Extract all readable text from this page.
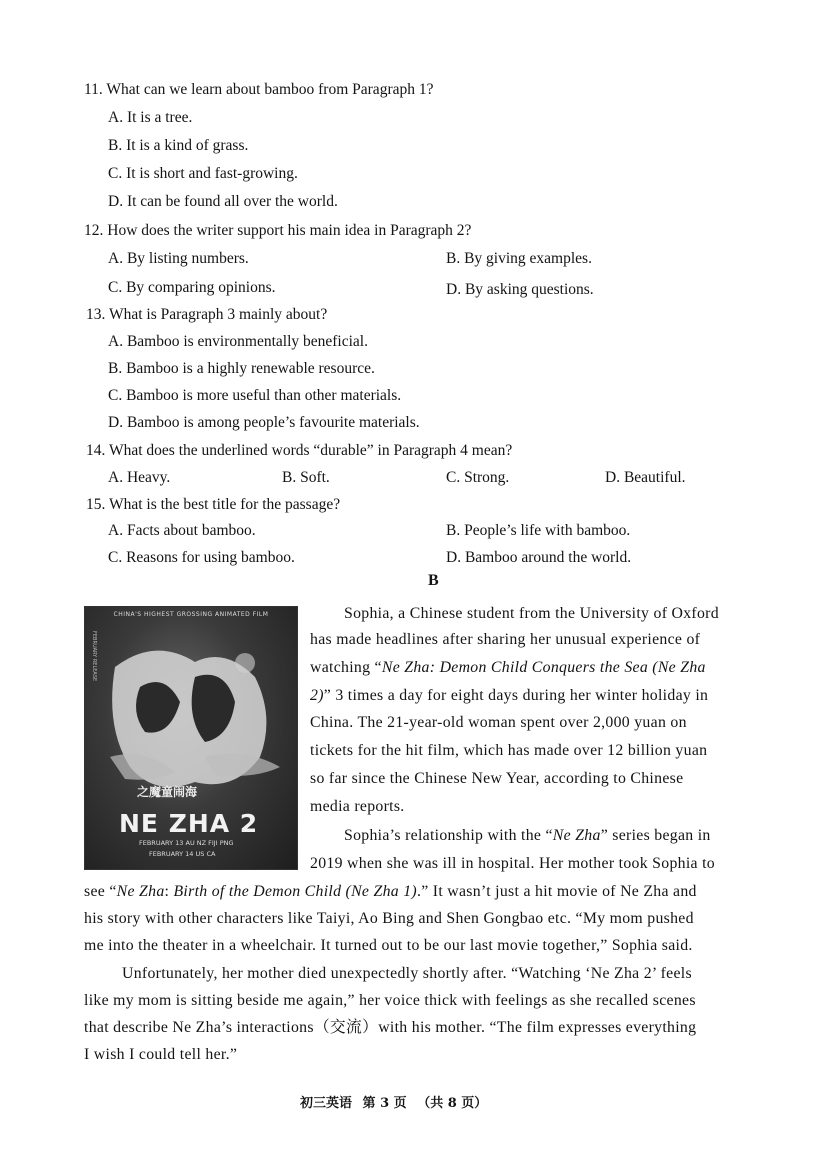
11. What can we learn about bamboo from Paragraph 1?
A. It is a tree.
B. It is a kind of grass.
C. It is short and fast-growing.
D. It can be found all over the world.
12. How does the writer support his main idea in Paragraph 2?
A. By listing numbers.	B. By giving examples.
C. By comparing opinions.	D. By asking questions.
13. What is Paragraph 3 mainly about?
A. Bamboo is environmentally beneficial.
B. Bamboo is a highly renewable resource.
C. Bamboo is more useful than other materials.
D. Bamboo is among people’s favourite materials.
14. What does the underlined words “durable” in Paragraph 4 mean?
A. Heavy.	B. Soft.	C. Strong.	D. Beautiful.
15. What is the best title for the passage?
A. Facts about bamboo.	B. People’s life with bamboo.
C. Reasons for using bamboo.	D. Bamboo around the world.
B
CHINA'S HIGHEST GROSSING ANIMATED FILM
FEBRUARY RELEASE
之魔童闹海
NE ZHA 2
FEBRUARY 13 AU NZ FIJI PNG
FEBRUARY 14 US CA
Sophia, a Chinese student from the University of Oxford
has made headlines after sharing her unusual experience of
watching “Ne Zha: Demon Child Conquers the Sea (Ne Zha
2)” 3 times a day for eight days during her winter holiday in
China. The 21-year-old woman spent over 2,000 yuan on
tickets for the hit film, which has made over 12 billion yuan
so far since the Chinese New Year, according to Chinese
media reports.
Sophia’s relationship with the “Ne Zha” series began in
2019 when she was ill in hospital. Her mother took Sophia to
see “Ne Zha: Birth of the Demon Child (Ne Zha 1).” It wasn’t just a hit movie of Ne Zha and
his story with other characters like Taiyi, Ao Bing and Shen Gongbao etc. “My mom pushed
me into the theater in a wheelchair. It turned out to be our last movie together,” Sophia said.
Unfortunately, her mother died unexpectedly shortly after. “Watching ‘Ne Zha 2’ feels
like my mom is sitting beside me again,” her voice thick with feelings as she recalled scenes
that describe Ne Zha’s interactions（交流）with his mother. “The film expresses everything
I wish I could tell her.”
初三英语 第 3 页 （共 8 页）
